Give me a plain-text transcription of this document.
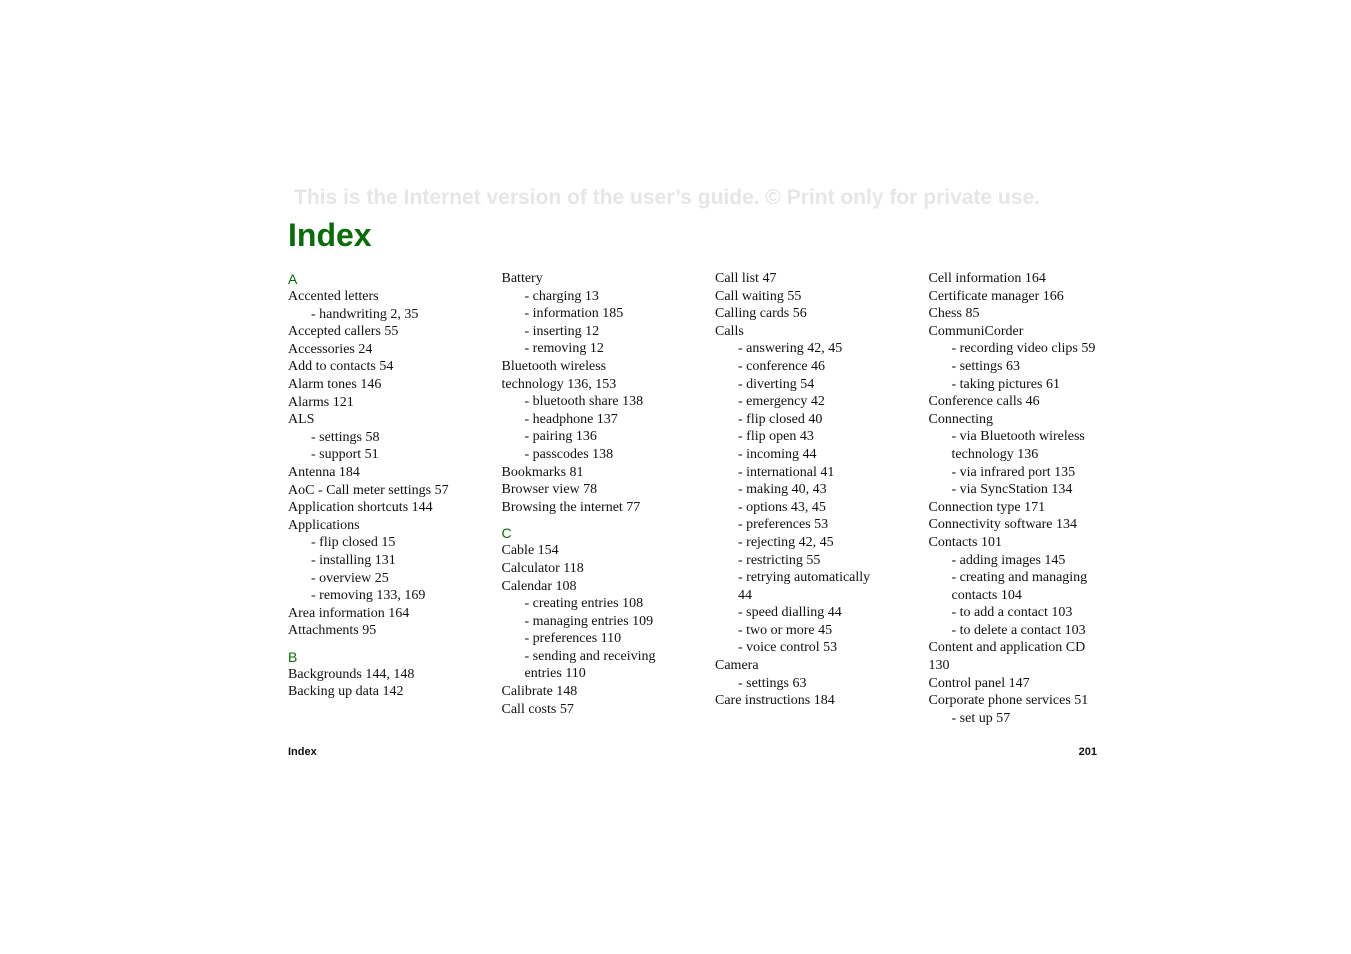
This is the Internet version of the user’s guide. © Print only for private use.
Index
A
Accented letters
- handwriting 2, 35
Accepted callers 55
Accessories 24
Add to contacts 54
Alarm tones 146
Alarms 121
ALS
- settings 58
- support 51
Antenna 184
AoC - Call meter settings 57
Application shortcuts 144
Applications
- flip closed 15
- installing 131
- overview 25
- removing 133, 169
Area information 164
Attachments 95
B
Backgrounds 144, 148
Backing up data 142
Battery
- charging 13
- information 185
- inserting 12
- removing 12
Bluetooth wireless
technology 136, 153
- bluetooth share 138
- headphone 137
- pairing 136
- passcodes 138
Bookmarks 81
Browser view 78
Browsing the internet 77
C
Cable 154
Calculator 118
Calendar 108
- creating entries 108
- managing entries 109
- preferences 110
- sending and receiving
entries 110
Calibrate 148
Call costs 57
Call list 47
Call waiting 55
Calling cards 56
Calls
- answering 42, 45
- conference 46
- diverting 54
- emergency 42
- flip closed 40
- flip open 43
- incoming 44
- international 41
- making 40, 43
- options 43, 45
- preferences 53
- rejecting 42, 45
- restricting 55
- retrying automatically
44
- speed dialling 44
- two or more 45
- voice control 53
Camera
- settings 63
Care instructions 184
Cell information 164
Certificate manager 166
Chess 85
CommuniCorder
- recording video clips 59
- settings 63
- taking pictures 61
Conference calls 46
Connecting
- via Bluetooth wireless
technology 136
- via infrared port 135
- via SyncStation 134
Connection type 171
Connectivity software 134
Contacts 101
- adding images 145
- creating and managing
contacts 104
- to add a contact 103
- to delete a contact 103
Content and application CD
130
Control panel 147
Corporate phone services 51
- set up 57
Index	201
